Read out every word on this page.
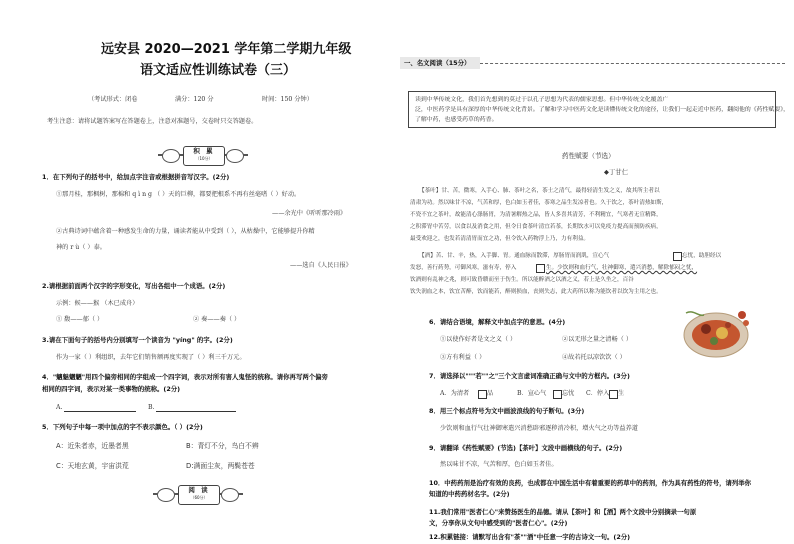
远安县 2020—2021 学年第二学期九年级
语文适应性训练试卷（三）
（考试形式：闭卷	满分：120 分	时间：150 分钟）
考生注意：请将试题答案写在答题卷上，注意对准题号，交卷时只交答题卷。
积 累
（10分）
1．在下列句子的括号中，给加点字注音或根据拼音写汉字。(2分)
①那月桂，那枫树，那棉和 q ì n g （ ）天的巨柳，都要把根系不再有丝毫嗜（ ）好动。
——余光中《听听那冷雨》
②古典诗词中蕴含着一种感发生命的力量，诵读者能从中受到（ ），从枯燥中，它能够提升你精
神的 r ù（ ）泰。
——选自《人民日报》
2.请根据前面两个汉字的字形变化，写出各组中一个成语。(2分)
示例：候——猴 （木已成舟）
① 馥——郁（ ）	② 奏——奏（ ）
3.请在下面句子的括号内分别填写一个读音为 "yíng" 的字。(2分)
作为一家（ ）利组织，去年它们销售额再度实现了（ ）利三千万元。
4．"魑魅魍魉"用四个偏旁相同的字组成一个四字词，表示对所有害人鬼怪的统称。请你再写两个偏旁
相同的四字词，表示对某一类事物的统称。(2分)
A.	B.
5．下列句子中每一项中加点的字不表示颜色。（ ）(2分)
A：近朱者赤，近墨者黑	B：青灯不分，鸟白不辨
C：天地玄黄，宇宙洪荒	D:满面尘灰，两鬓苍苍
阅 读
（60分）
一、名文阅读（15分）
读到中华传统文化，我们首先想到的莫过于以孔子思想为代表的儒家思想。但中华传统文化覆盖广
泛，中医药学是具有深厚的中华传统文化背景。了解和学习中医药文化是读懂传统文化的途径，让我们一起走近中医药，翻阅他的《药性赋要》，
了解中药，也感受药草的药香。
药性赋要（节选）
◆丁甘仁
【茶叶】甘、苦，微寒，入手心、肺、茶叶之名，茶士之清气，最得轻清生发之义，故其所主者以
清肃为功。然以味甘不凉，气苦和厚，色白如玉者佳，茶寒之品生发凉者也。久于饮之，茶叶清热如斯，
不瓷不宜之茶叶，故能清心涤肠胃，为清暑解热之品，皆人多喜其清芳，不利精宜，气寒者无宣精降，
之积滞胃中苦劳，以食以及消食之用，但令日食茶叶清宜若茶，长期饮水可以免疫力提高而预防疾病，
最受欢迎之，也发若清清胃而宜之功，但令饮入药物浮上乃，力有利益。
【酒】苦、甘、辛，热，入手脚、胃。通血脉而散滞，厚肠胃而润肌，宣心气	忘忧，助胆经以
发怒，善行药势，可御风寒，滋有寿，停入	生。少饮则和血行气，壮神御寒，遣兴消愁，解除郁闷之忧，
饮酒则有乱神之兆，则可致昏聩而至于伤生。所以能醉酒之以酒之义，若上是久坐之，百谷
饮失润血之本，饮宜苦醉，饮而能若，醉则损血，丧则失志，此大药所以称为能饮者以饮为主用之也。
6．请结合语境，解释文中加点字的意思。(4分)
①以使作好者是文之义（ ）	②以无形之量之清畅（ ）
③方有利益（ ）	④故若托以凉饮饮（ ）
7．请选择以"""若""之"三个文言虚词准确正确与文中的方框内。(3分)
A．为清者	品	B．宣心气	忘忧 C．停入 生
8．用三个标点符号为文中画波浪线的句子断句。(3分)
少饮则和血行气壮神御寒遣兴消愁辟邪逐秽消冷积，增火气之功等益养道
9．请翻译《药性赋要》(节选)【茶叶】文段中画横线的句子。(2分)
然以味甘不凉，气苦和厚，色白如玉者佳。
10．中药药剂是治疗有效的良药，也成都在中国生活中有着重要的药草中的药剂，作为具有药性的符号，请列举你
知道的中药药材名字。(2分)
11.我们常用"医者仁心"来赞扬医生的品德。请从【茶叶】和【酒】两个文段中分别摘录一句原
文，分享你从文句中感受到的"医者仁心"。(2分)
12.积累链接：请默写出含有"茶""酒"中任意一字的古诗文一句。(2分)
